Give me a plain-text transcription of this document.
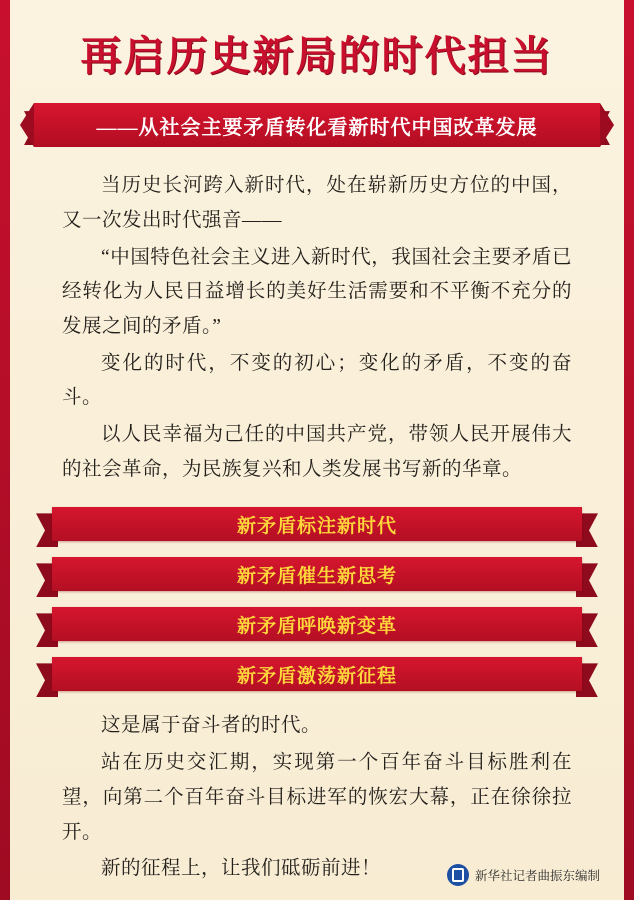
再启历史新局的时代担当
——从社会主要矛盾转化看新时代中国改革发展

当历史长河跨入新时代，处在崭新历史方位的中国，又一次发出时代强音——

“中国特色社会主义进入新时代，我国社会主要矛盾已经转化为人民日益增长的美好生活需要和不平衡不充分的发展之间的矛盾。”

变化的时代，不变的初心；变化的矛盾，不变的奋斗。

以人民幸福为己任的中国共产党，带领人民开展伟大的社会革命，为民族复兴和人类发展书写新的华章。

新矛盾标注新时代
新矛盾催生新思考
新矛盾呼唤新变革
新矛盾激荡新征程

这是属于奋斗者的时代。

站在历史交汇期，实现第一个百年奋斗目标胜利在望，向第二个百年奋斗目标进军的恢宏大幕，正在徐徐拉开。

新的征程上，让我们砥砺前进！	新华社记者曲振东编制
